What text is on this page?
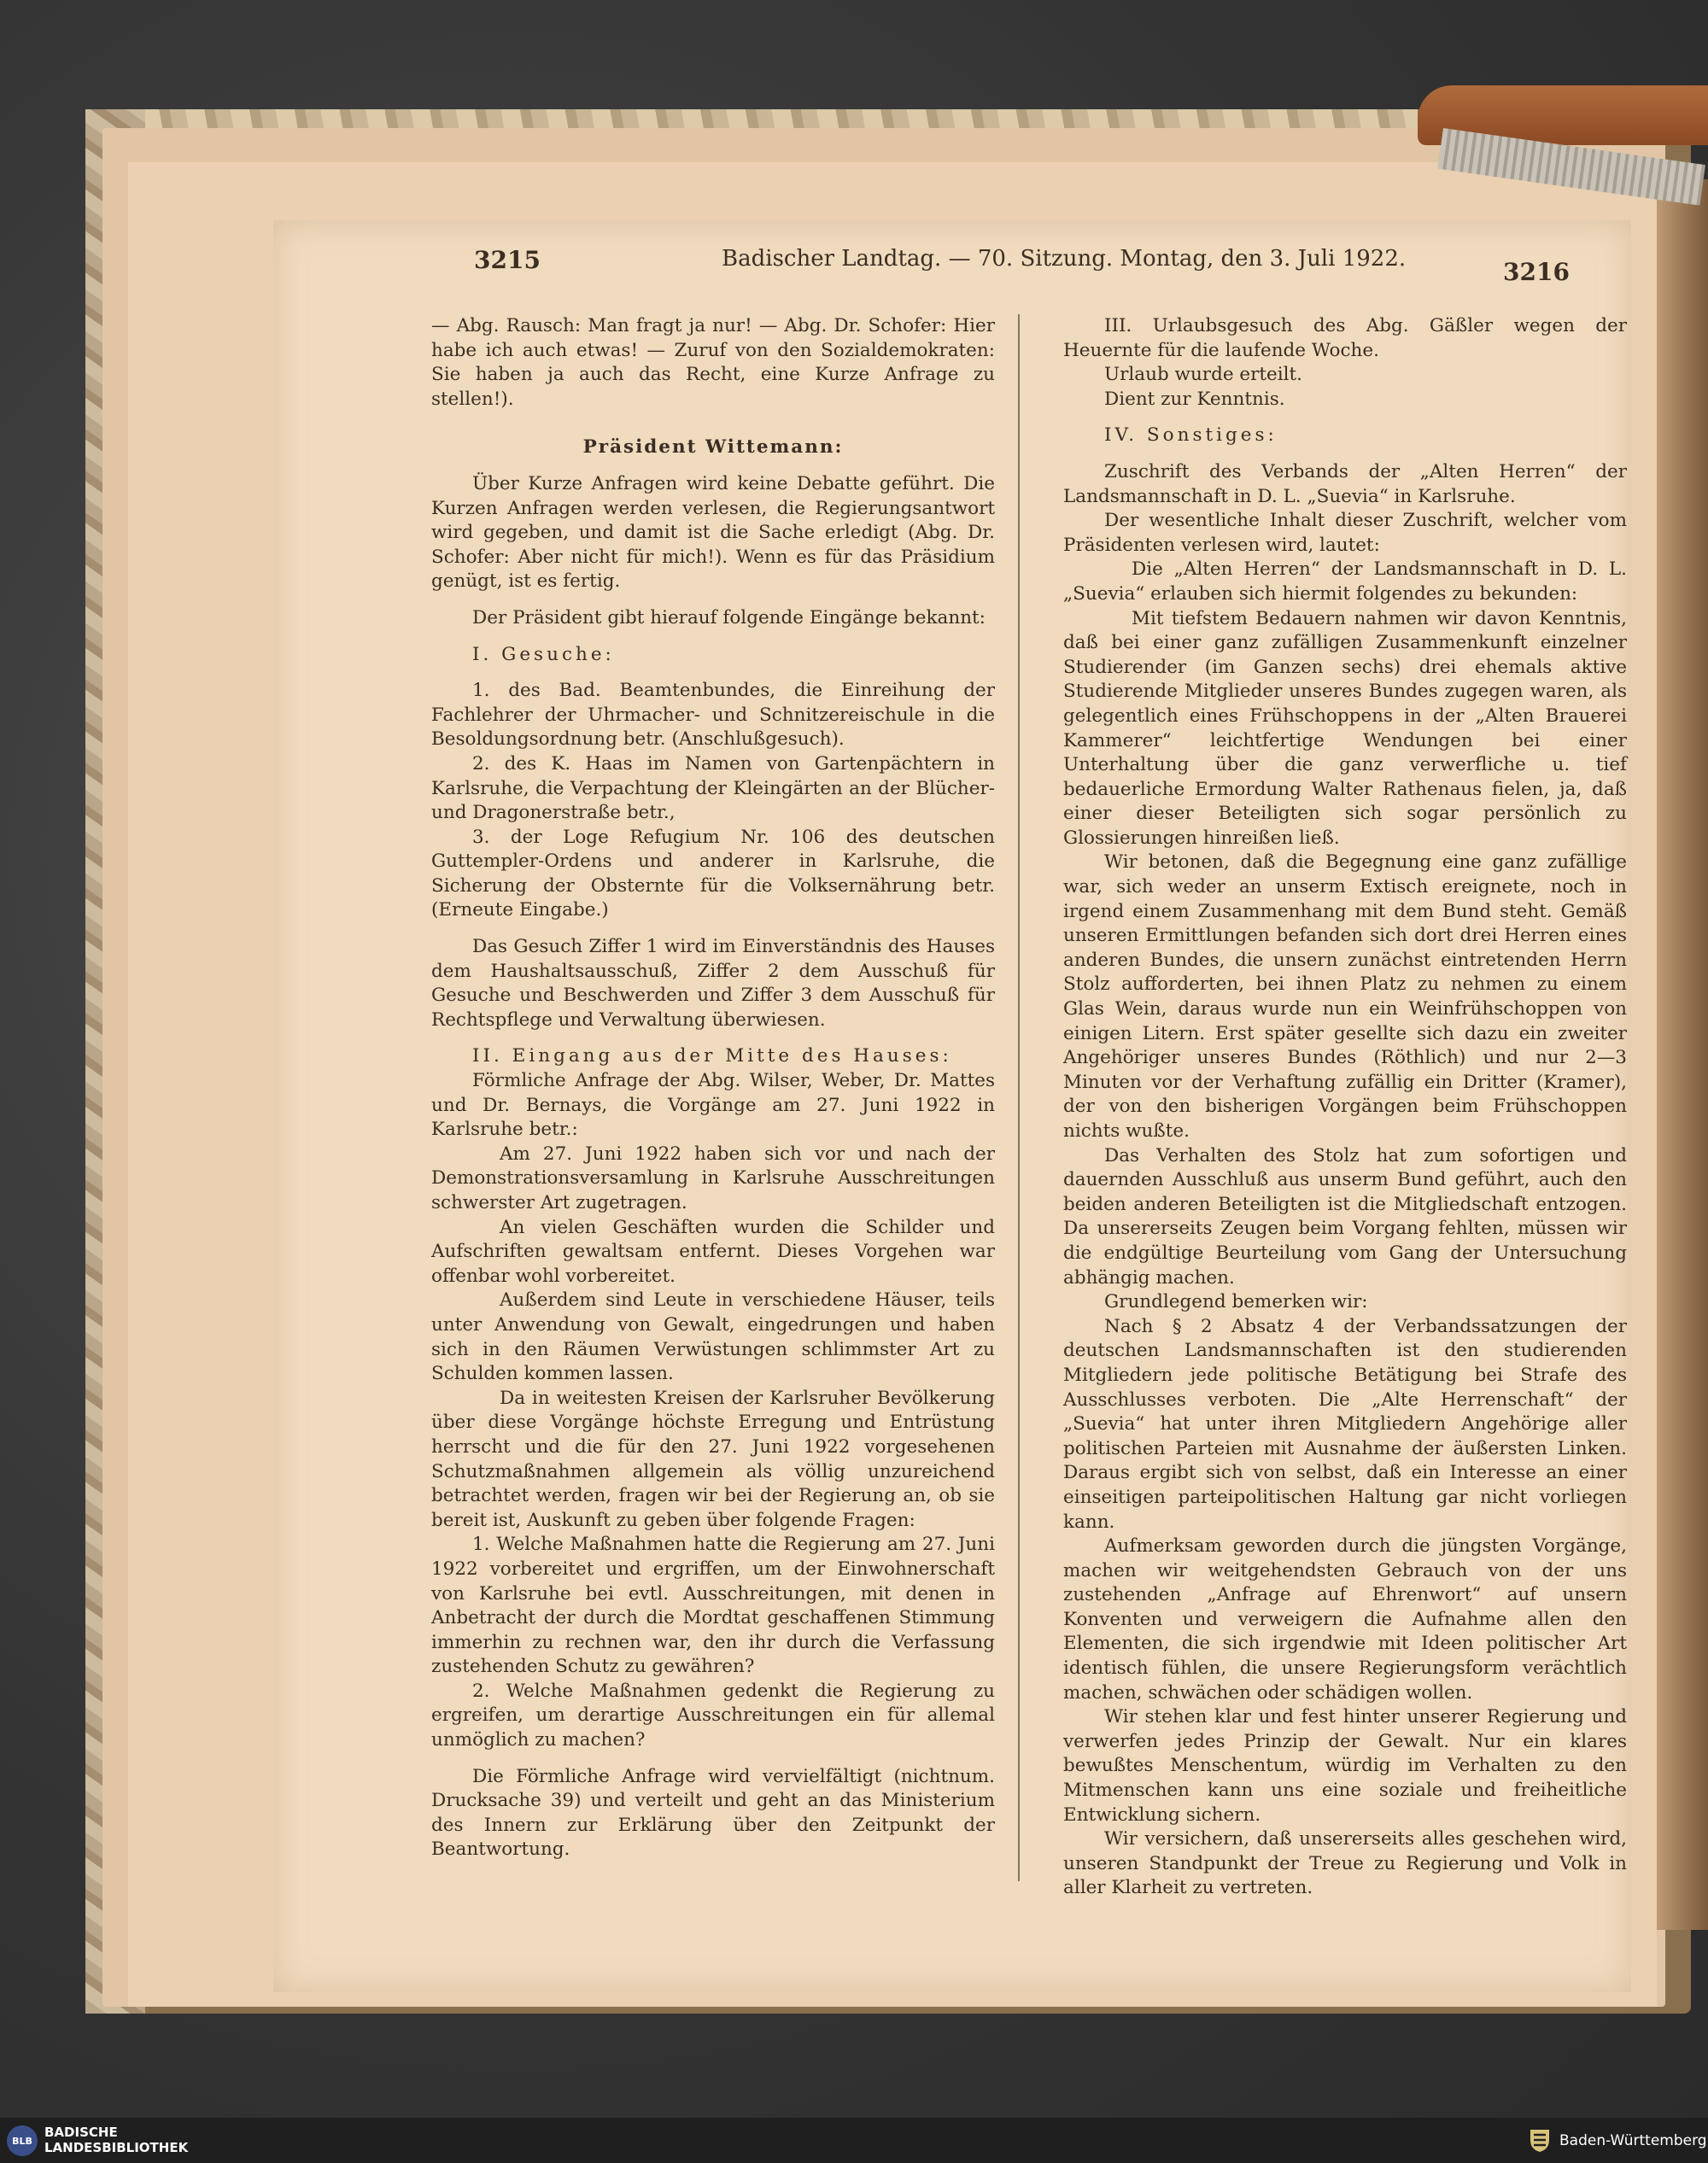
3215	Badischer Landtag. — 70. Sitzung. Montag, den 3. Juli 1922.	3216

— Abg. Rausch: Man fragt ja nur! — Abg. Dr. Schofer: Hier habe ich auch etwas! — Zuruf von den Sozialdemokraten: Sie haben ja auch das Recht, eine Kurze Anfrage zu stellen!).

Präsident Wittemann:

Über Kurze Anfragen wird keine Debatte geführt. Die Kurzen Anfragen werden verlesen, die Regierungsantwort wird gegeben, und damit ist die Sache erledigt (Abg. Dr. Schofer: Aber nicht für mich!). Wenn es für das Präsidium genügt, ist es fertig.

Der Präsident gibt hierauf folgende Eingänge bekannt:

I. Gesuche:

1. des Bad. Beamtenbundes, die Einreihung der Fachlehrer der Uhrmacher- und Schnitzereischule in die Besoldungsordnung betr. (Anschlußgesuch).

2. des K. Haas im Namen von Gartenpächtern in Karlsruhe, die Verpachtung der Kleingärten an der Blücher- und Dragonerstraße betr.,

3. der Loge Refugium Nr. 106 des deutschen Guttempler-Ordens und anderer in Karlsruhe, die Sicherung der Obsternte für die Volksernährung betr. (Erneute Eingabe.)

Das Gesuch Ziffer 1 wird im Einverständnis des Hauses dem Haushaltsausschuß, Ziffer 2 dem Ausschuß für Gesuche und Beschwerden und Ziffer 3 dem Ausschuß für Rechtspflege und Verwaltung überwiesen.

II. Eingang aus der Mitte des Hauses:

Förmliche Anfrage der Abg. Wilser, Weber, Dr. Mattes und Dr. Bernays, die Vorgänge am 27. Juni 1922 in Karlsruhe betr.:

Am 27. Juni 1922 haben sich vor und nach der Demonstrationsversamlung in Karlsruhe Ausschreitungen schwerster Art zugetragen.

An vielen Geschäften wurden die Schilder und Aufschriften gewaltsam entfernt. Dieses Vorgehen war offenbar wohl vorbereitet.

Außerdem sind Leute in verschiedene Häuser, teils unter Anwendung von Gewalt, eingedrungen und haben sich in den Räumen Verwüstungen schlimmster Art zu Schulden kommen lassen.

Da in weitesten Kreisen der Karlsruher Bevölkerung über diese Vorgänge höchste Erregung und Entrüstung herrscht und die für den 27. Juni 1922 vorgesehenen Schutzmaßnahmen allgemein als völlig unzureichend betrachtet werden, fragen wir bei der Regierung an, ob sie bereit ist, Auskunft zu geben über folgende Fragen:

1. Welche Maßnahmen hatte die Regierung am 27. Juni 1922 vorbereitet und ergriffen, um der Einwohnerschaft von Karlsruhe bei evtl. Ausschreitungen, mit denen in Anbetracht der durch die Mordtat geschaffenen Stimmung immerhin zu rechnen war, den ihr durch die Verfassung zustehenden Schutz zu gewähren?

2. Welche Maßnahmen gedenkt die Regierung zu ergreifen, um derartige Ausschreitungen ein für allemal unmöglich zu machen?

Die Förmliche Anfrage wird vervielfältigt (nichtnum. Drucksache 39) und verteilt und geht an das Ministerium des Innern zur Erklärung über den Zeitpunkt der Beantwortung.

III. Urlaubsgesuch des Abg. Gäßler wegen der Heuernte für die laufende Woche.

Urlaub wurde erteilt.

Dient zur Kenntnis.

IV. Sonstiges:

Zuschrift des Verbands der „Alten Herren“ der Landsmannschaft in D. L. „Suevia“ in Karlsruhe.

Der wesentliche Inhalt dieser Zuschrift, welcher vom Präsidenten verlesen wird, lautet:

Die „Alten Herren“ der Landsmannschaft in D. L. „Suevia“ erlauben sich hiermit folgendes zu bekunden:

Mit tiefstem Bedauern nahmen wir davon Kenntnis, daß bei einer ganz zufälligen Zusammenkunft einzelner Studierender (im Ganzen sechs) drei ehemals aktive Studierende Mitglieder unseres Bundes zugegen waren, als gelegentlich eines Frühschoppens in der „Alten Brauerei Kammerer“ leichtfertige Wendungen bei einer Unterhaltung über die ganz verwerfliche u. tief bedauerliche Ermordung Walter Rathenaus fielen, ja, daß einer dieser Beteiligten sich sogar persönlich zu Glossierungen hinreißen ließ.

Wir betonen, daß die Begegnung eine ganz zufällige war, sich weder an unserm Extisch ereignete, noch in irgend einem Zusammenhang mit dem Bund steht. Gemäß unseren Ermittlungen befanden sich dort drei Herren eines anderen Bundes, die unsern zunächst eintretenden Herrn Stolz aufforderten, bei ihnen Platz zu nehmen zu einem Glas Wein, daraus wurde nun ein Weinfrühschoppen von einigen Litern. Erst später gesellte sich dazu ein zweiter Angehöriger unseres Bundes (Röthlich) und nur 2—3 Minuten vor der Verhaftung zufällig ein Dritter (Kramer), der von den bisherigen Vorgängen beim Frühschoppen nichts wußte.

Das Verhalten des Stolz hat zum sofortigen und dauernden Ausschluß aus unserm Bund geführt, auch den beiden anderen Beteiligten ist die Mitgliedschaft entzogen. Da unsererseits Zeugen beim Vorgang fehlten, müssen wir die endgültige Beurteilung vom Gang der Untersuchung abhängig machen.

Grundlegend bemerken wir:

Nach § 2 Absatz 4 der Verbandssatzungen der deutschen Landsmannschaften ist den studierenden Mitgliedern jede politische Betätigung bei Strafe des Ausschlusses verboten. Die „Alte Herrenschaft“ der „Suevia“ hat unter ihren Mitgliedern Angehörige aller politischen Parteien mit Ausnahme der äußersten Linken. Daraus ergibt sich von selbst, daß ein Interesse an einer einseitigen parteipolitischen Haltung gar nicht vorliegen kann.

Aufmerksam geworden durch die jüngsten Vorgänge, machen wir weitgehendsten Gebrauch von der uns zustehenden „Anfrage auf Ehrenwort“ auf unsern Konventen und verweigern die Aufnahme allen den Elementen, die sich irgendwie mit Ideen politischer Art identisch fühlen, die unsere Regierungsform verächtlich machen, schwächen oder schädigen wollen.

Wir stehen klar und fest hinter unserer Regierung und verwerfen jedes Prinzip der Gewalt. Nur ein klares bewußtes Menschentum, würdig im Verhalten zu den Mitmenschen kann uns eine soziale und freiheitliche Entwicklung sichern.

Wir versichern, daß unsererseits alles geschehen wird, unseren Standpunkt der Treue zu Regierung und Volk in aller Klarheit zu vertreten.

BLB
BADISCHE
LANDESBIBLIOTHEK	Baden-Württemberg
